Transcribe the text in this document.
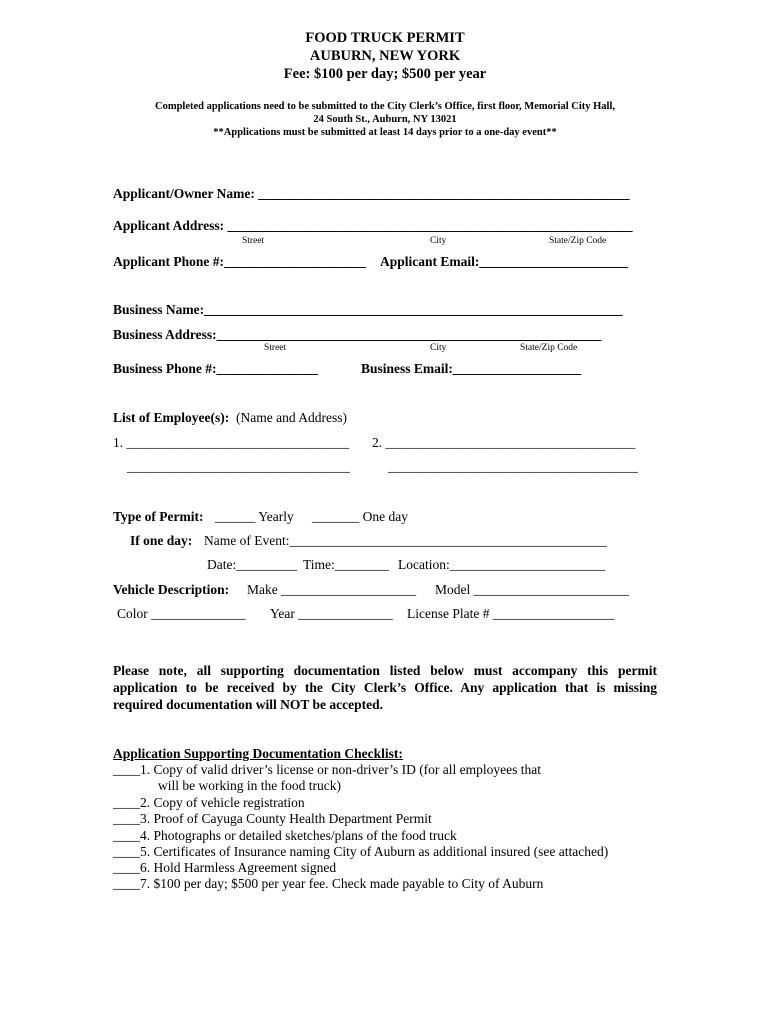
FOOD TRUCK PERMIT
AUBURN, NEW YORK
Fee: $100 per day; $500 per year
Completed applications need to be submitted to the City Clerk’s Office, first floor, Memorial City Hall,
24 South St., Auburn, NY 13021
**Applications must be submitted at least 14 days prior to a one-day event**
Applicant/Owner Name: _______________________________________________________
Applicant Address: ____________________________________________________________
Street	City	State/Zip Code
Applicant Phone #:_____________________ Applicant Email:______________________
Business Name:______________________________________________________________
Business Address:_________________________________________________________
Street	City	State/Zip Code
Business Phone #:_______________	Business Email:___________________
List of Employee(s): (Name and Address)
1. _________________________________ 2. _____________________________________
_________________________________	_____________________________________
Type of Permit: ______ Yearly _______ One day
If one day: Name of Event:_______________________________________________
Date:_________ Time:________ Location:_______________________
Vehicle Description: Make ____________________ Model _______________________
Color ______________ Year ______________ License Plate # __________________
Please note, all supporting documentation listed below must accompany this permit
application to be received by the City Clerk’s Office. Any application that is missing
required documentation will NOT be accepted.
Application Supporting Documentation Checklist:
____1. Copy of valid driver’s license or non-driver’s ID (for all employees that
will be working in the food truck)
____2. Copy of vehicle registration
____3. Proof of Cayuga County Health Department Permit
____4. Photographs or detailed sketches/plans of the food truck
____5. Certificates of Insurance naming City of Auburn as additional insured (see attached)
____6. Hold Harmless Agreement signed
____7. $100 per day; $500 per year fee. Check made payable to City of Auburn
